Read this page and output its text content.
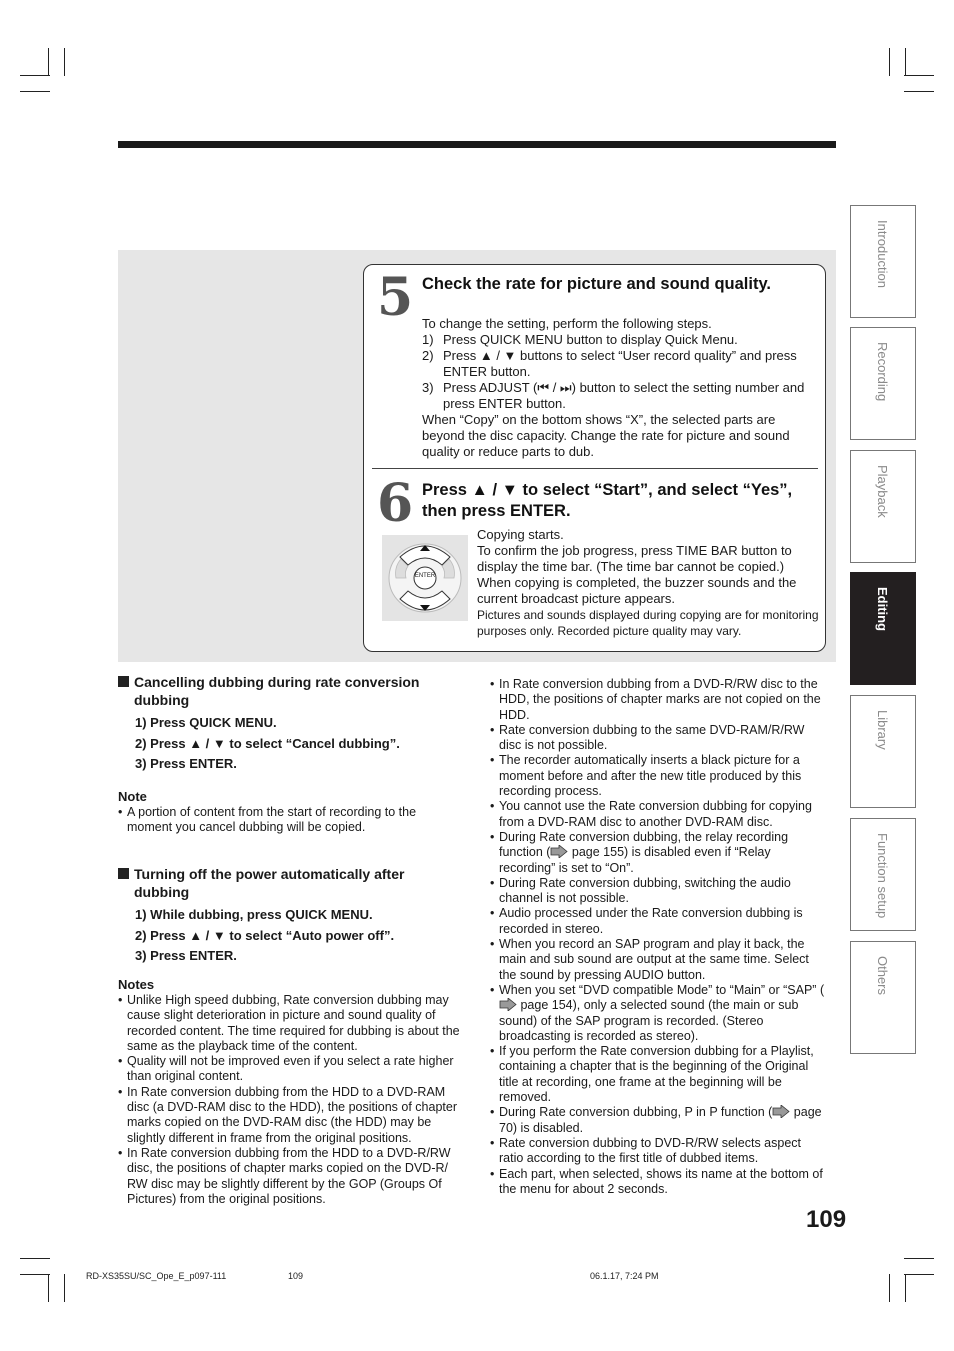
5 Check the rate for picture and sound quality.
To change the setting, perform the following steps.
1) Press QUICK MENU button to display Quick Menu.
2) Press ▲ / ▼ buttons to select “User record quality” and press ENTER button.
3) Press ADJUST (⏮ / ⏭) button to select the setting number and press ENTER button.
When “Copy” on the bottom shows “X”, the selected parts are beyond the disc capacity. Change the rate for picture and sound quality or reduce parts to dub.
6 Press ▲ / ▼ to select “Start”, and select “Yes”, then press ENTER.
ENTER
Copying starts.
To confirm the job progress, press TIME BAR button to display the time bar. (The time bar cannot be copied.)
When copying is completed, the buzzer sounds and the current broadcast picture appears.
Pictures and sounds displayed during copying are for monitoring purposes only. Recorded picture quality may vary.
Cancelling dubbing during rate conversion dubbing
1) Press QUICK MENU.
2) Press ▲ / ▼ to select “Cancel dubbing”.
3) Press ENTER.
Note
• A portion of content from the start of recording to the moment you cancel dubbing will be copied.
Turning off the power automatically after dubbing
1) While dubbing, press QUICK MENU.
2) Press ▲ / ▼ to select “Auto power off”.
3) Press ENTER.
Notes
• Unlike High speed dubbing, Rate conversion dubbing may cause slight deterioration in picture and sound quality of recorded content. The time required for dubbing is about the same as the playback time of the content.
• Quality will not be improved even if you select a rate higher than original content.
• In Rate conversion dubbing from the HDD to a DVD-RAM disc (a DVD-RAM disc to the HDD), the positions of chapter marks copied on the DVD-RAM disc (the HDD) may be slightly different in frame from the original positions.
• In Rate conversion dubbing from the HDD to a DVD-R/RW disc, the positions of chapter marks copied on the DVD-R/ RW disc may be slightly different by the GOP (Groups Of Pictures) from the original positions.
• In Rate conversion dubbing from a DVD-R/RW disc to the HDD, the positions of chapter marks are not copied on the HDD.
• Rate conversion dubbing to the same DVD-RAM/R/RW disc is not possible.
• The recorder automatically inserts a black picture for a moment before and after the new title produced by this recording process.
• You cannot use the Rate conversion dubbing for copying from a DVD-RAM disc to another DVD-RAM disc.
• During Rate conversion dubbing, the relay recording function ( page 155) is disabled even if “Relay recording” is set to “On”.
• During Rate conversion dubbing, switching the audio channel is not possible.
• Audio processed under the Rate conversion dubbing is recorded in stereo.
• When you record an SAP program and play it back, the main and sub sound are output at the same time. Select the sound by pressing AUDIO button.
• When you set “DVD compatible Mode” to “Main” or “SAP” ( page 154), only a selected sound (the main or sub sound) of the SAP program is recorded. (Stereo broadcasting is recorded as stereo).
• If you perform the Rate conversion dubbing for a Playlist, containing a chapter that is the beginning of the Original title at recording, one frame at the beginning will be removed.
• During Rate conversion dubbing, P in P function ( page 70) is disabled.
• Rate conversion dubbing to DVD-R/RW selects aspect ratio according to the first title of dubbed items.
• Each part, when selected, shows its name at the bottom of the menu for about 2 seconds.
Introduction
Recording
Playback
Editing
Library
Function setup
Others
109
RD-XS35SU/SC_Ope_E_p097-111	109	06.1.17, 7:24 PM
